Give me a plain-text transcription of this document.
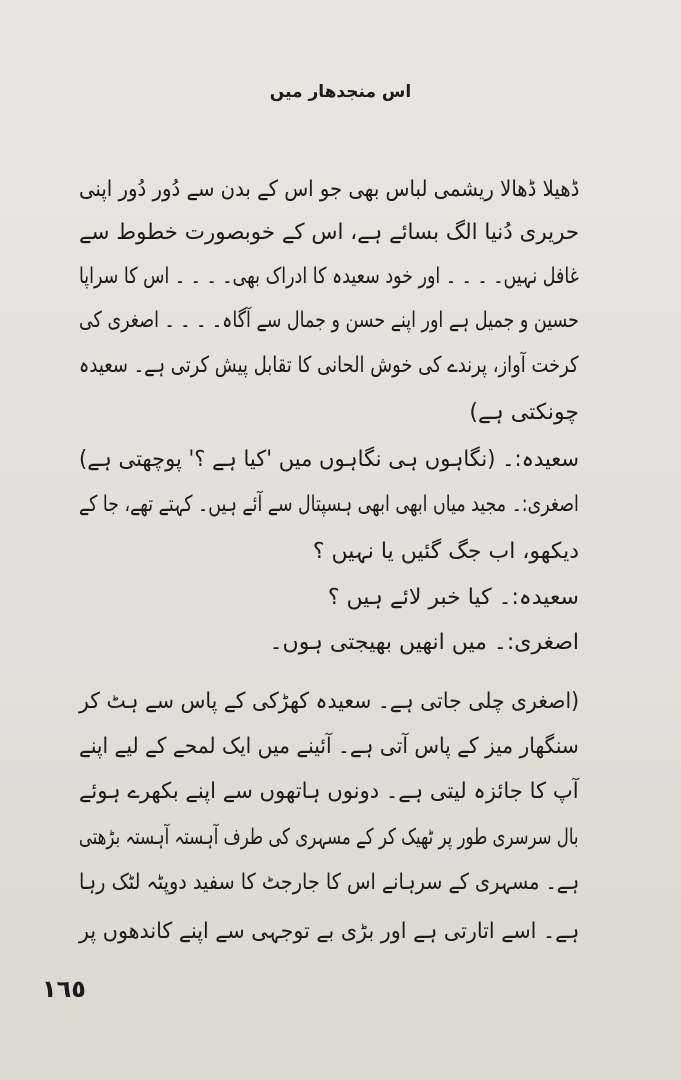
اس منجدھار میں
ڈھیلا ڈھالا ریشمی لباس بھی جو اس کے بدن سے دُور دُور اپنی
حریری دُنیا الگ بسائے ہے، اس کے خوبصورت خطوط سے
غافل نہیں۔ ۔ ۔ ۔ اور خود سعیدہ کا ادراک بھی۔ ۔ ۔ ۔ اس کا سراپا
حسین و جمیل ہے اور اپنے حسن و جمال سے آگاہ۔ ۔ ۔ ۔ اصغری کی
کرخت آواز، پرندے کی خوش الحانی کا تقابل پیش کرتی ہے۔ سعیدہ
چونکتی ہے)
سعیدہ:۔ (نگاہوں ہی نگاہوں میں 'کیا ہے ؟' پوچھتی ہے)
اصغری:۔ مجید میاں ابھی ابھی ہسپتال سے آئے ہیں۔ کہتے تھے، جا کے
دیکھو، اب جگ گئیں یا نہیں ؟
سعیدہ:۔ کیا خبر لائے ہیں ؟
اصغری:۔ میں انھیں بھیجتی ہوں۔
(اصغری چلی جاتی ہے۔ سعیدہ کھڑکی کے پاس سے ہٹ کر
سنگھار میز کے پاس آتی ہے۔ آئینے میں ایک لمحے کے لیے اپنے
آپ کا جائزہ لیتی ہے۔ دونوں ہاتھوں سے اپنے بکھرے ہوئے
بال سرسری طور پر ٹھیک کر کے مسہری کی طرف آہستہ آہستہ بڑھتی
ہے۔ مسہری کے سرہانے اس کا جارجٹ کا سفید دوپٹہ لٹک رہا
ہے۔ اسے اتارتی ہے اور بڑی بے توجہی سے اپنے کاندھوں پر
١٦٥
